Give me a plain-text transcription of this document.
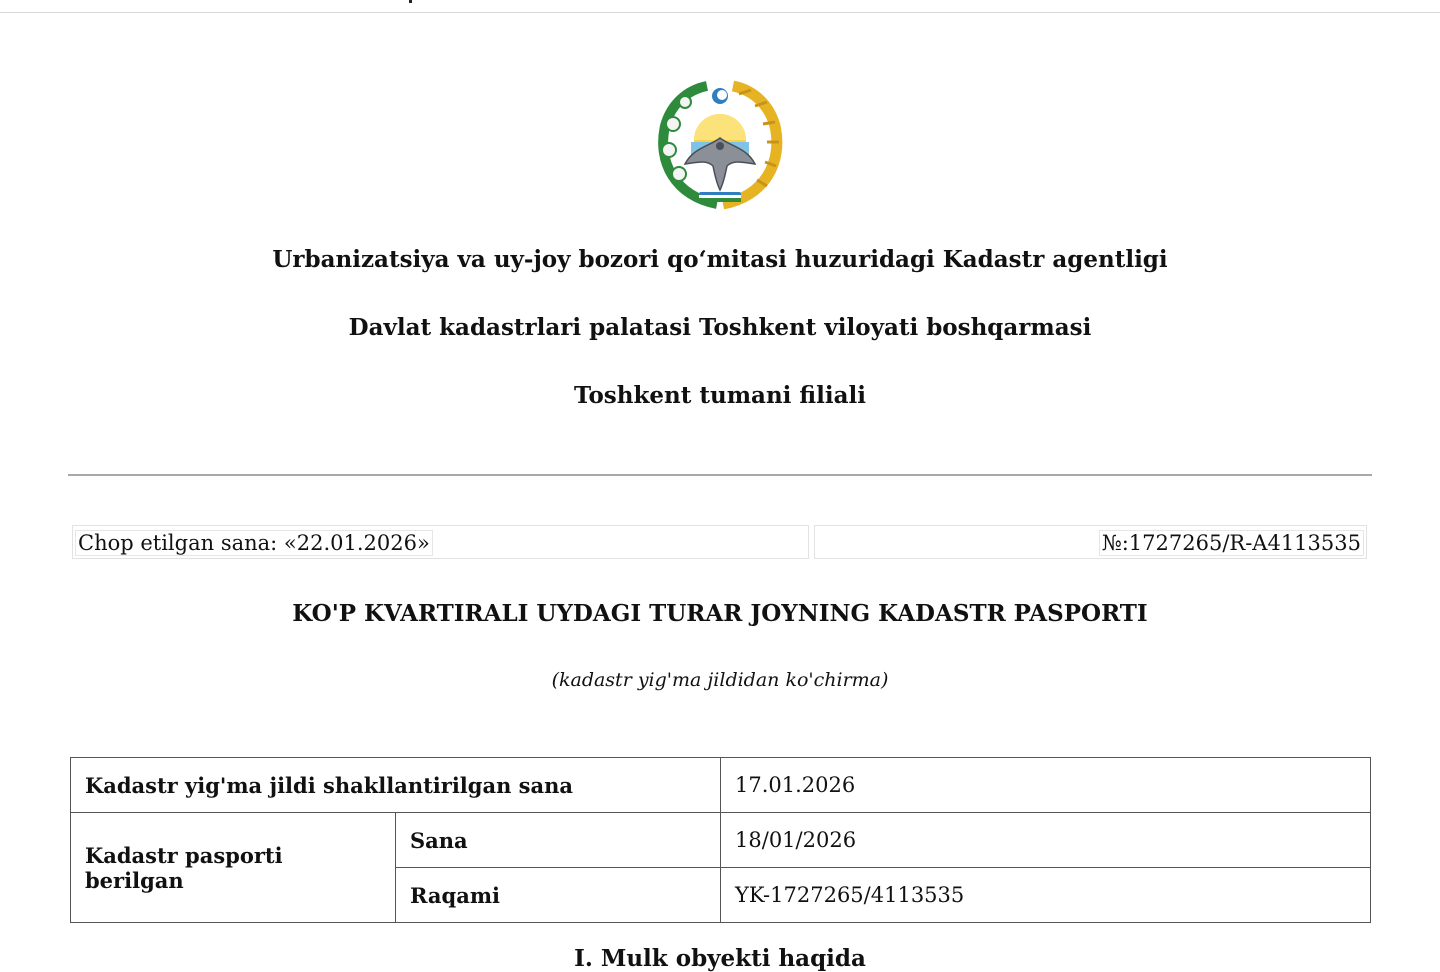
Urbanizatsiya va uy-joy bozori qo‘mitasi huzuridagi Kadastr agentligi
Davlat kadastrlari palatasi Toshkent viloyati boshqarmasi
Toshkent tumani filiali
Chop etilgan sana: «22.01.2026»	№:1727265/R-A4113535
KO'P KVARTIRALI UYDAGI TURAR JOYNING KADASTR PASPORTI
(kadastr yig'ma jildidan ko'chirma)
Kadastr yig'ma jildi shakllantirilgan sana		17.01.2026
Kadastr pasporti berilgan	Sana	18/01/2026
	Raqami	YK-1727265/4113535
I. Mulk obyekti haqida
